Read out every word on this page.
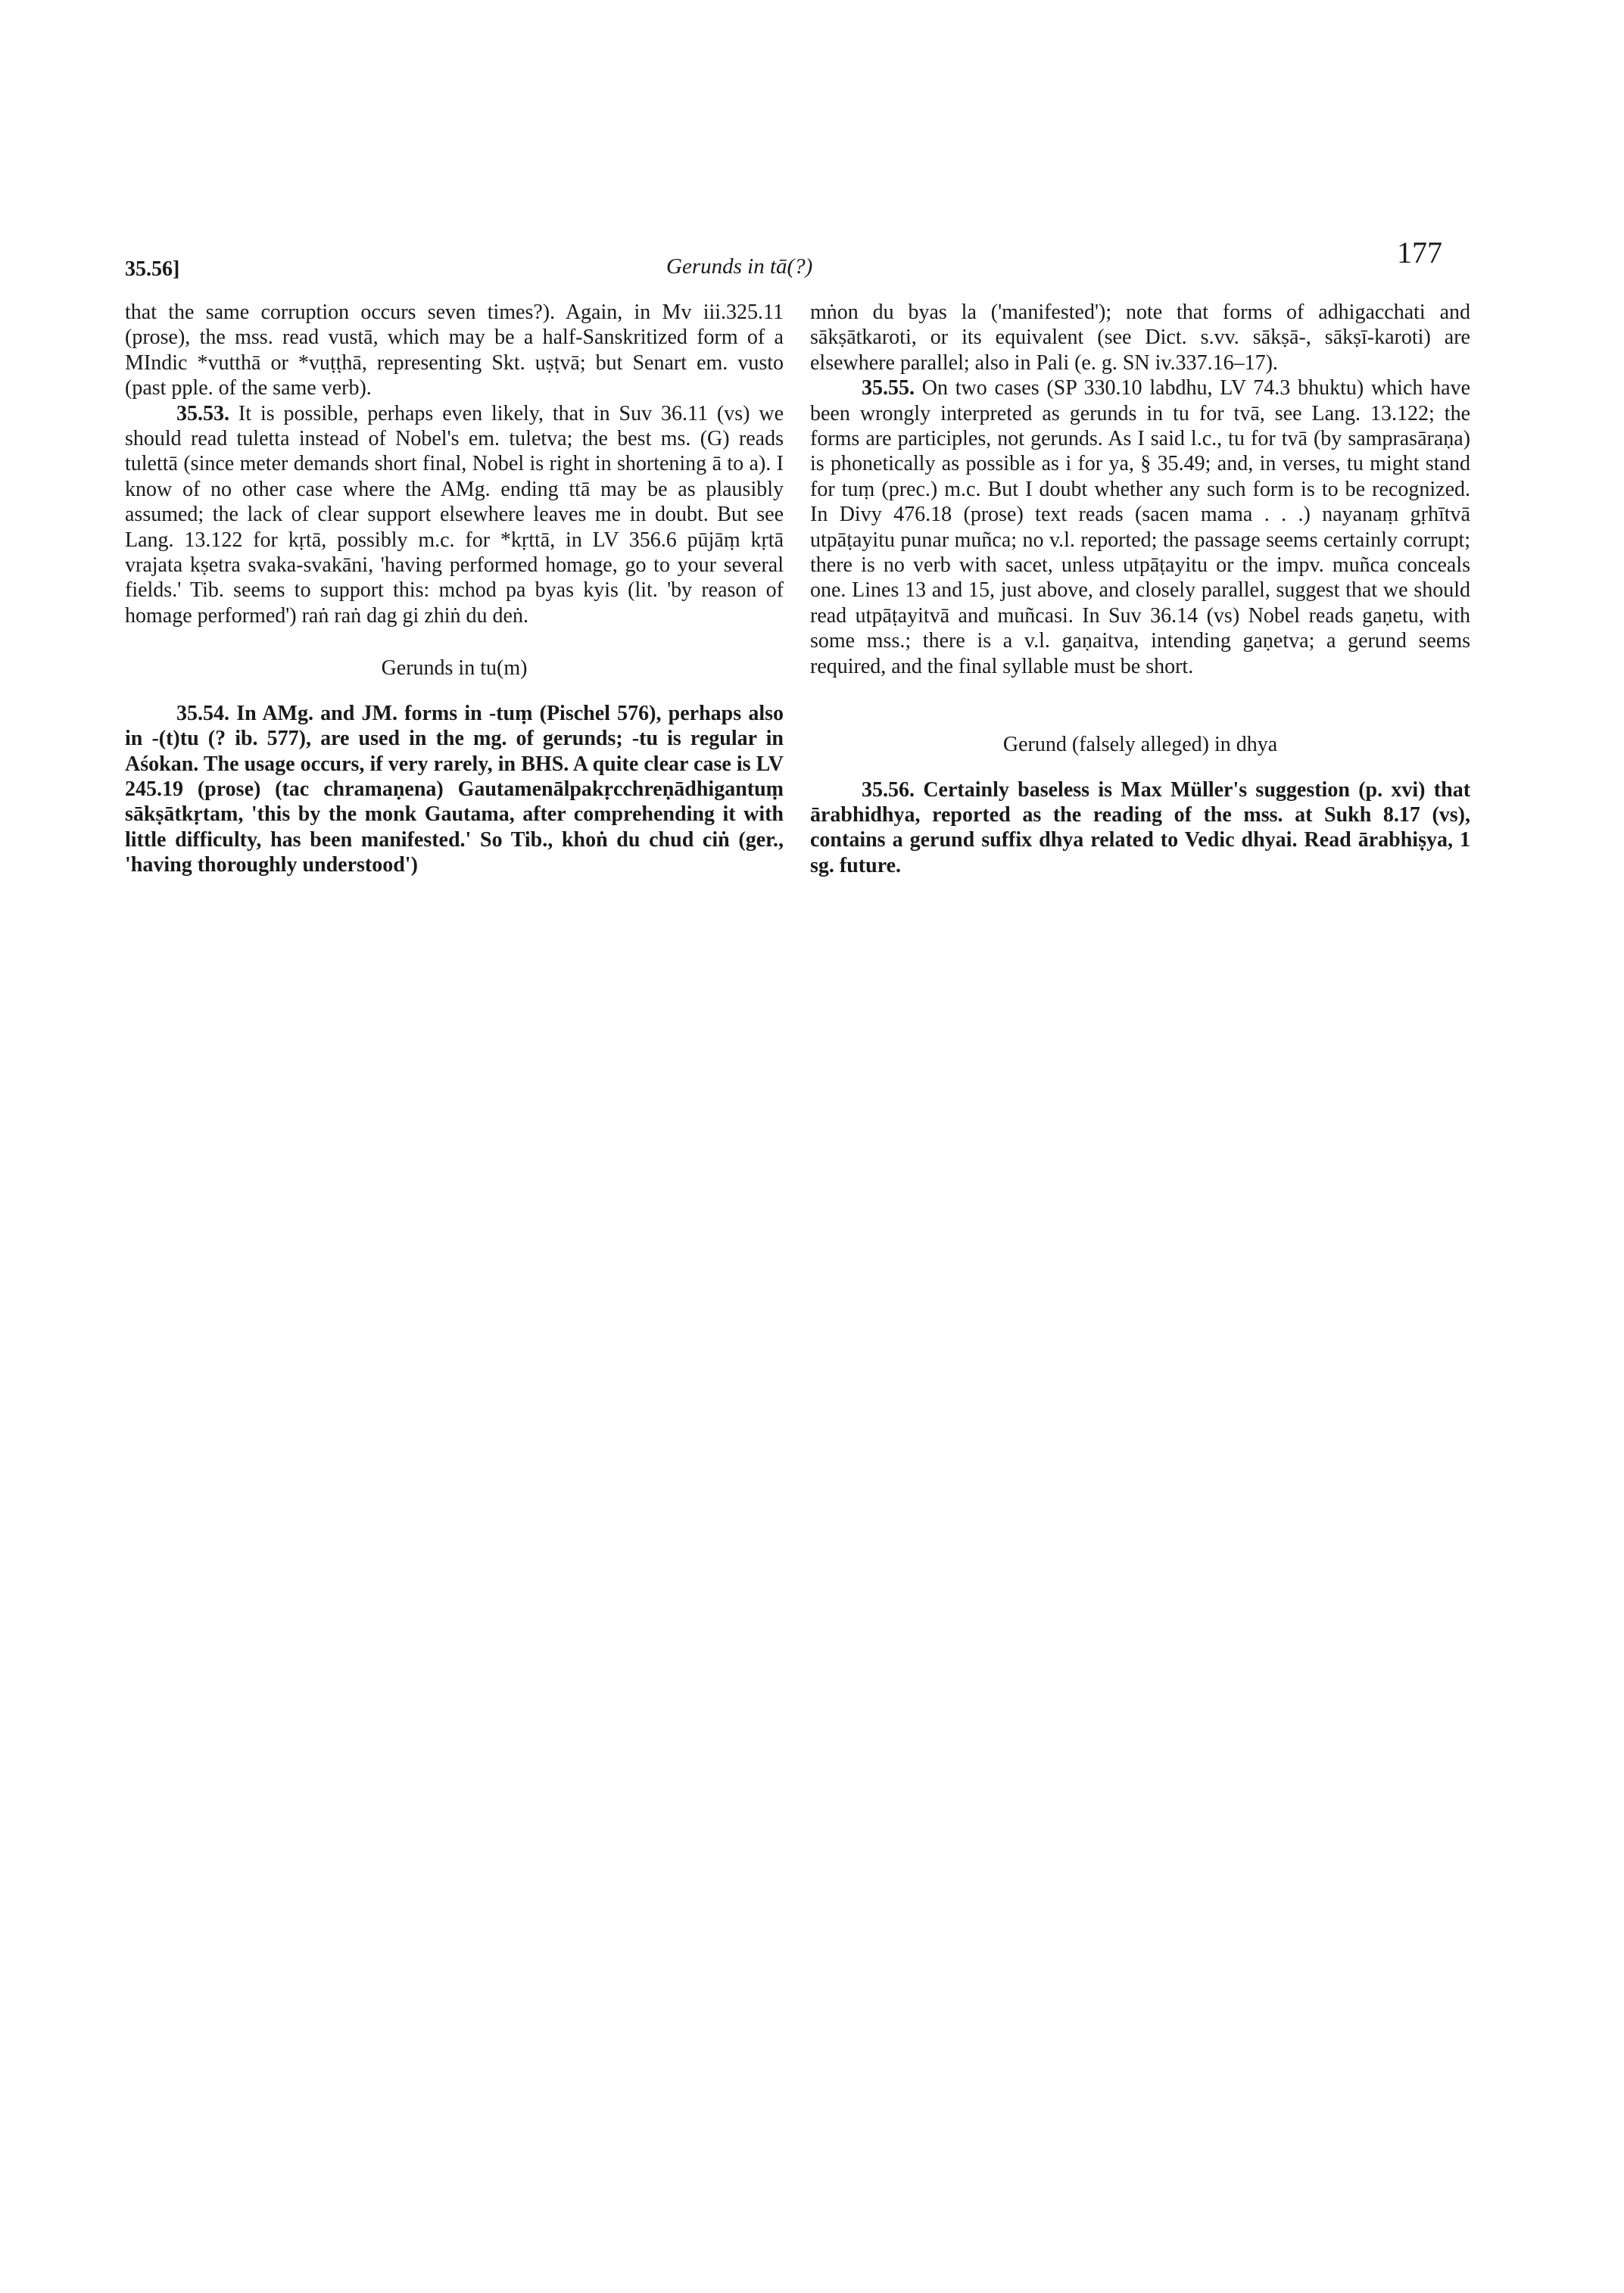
35.56]	Gerunds in tā(?)	177

that the same corruption occurs seven times?). Again, in Mv iii.325.11 (prose), the mss. read vustā, which may be a half-Sanskritized form of a MIndic *vutthā or *vuṭṭhā, representing Skt. uṣṭvā; but Senart em. vusto (past pple. of the same verb).

35.53. It is possible, perhaps even likely, that in Suv 36.11 (vs) we should read tuletta instead of Nobel's em. tuletva; the best ms. (G) reads tulettā (since meter demands short final, Nobel is right in shortening ā to a). I know of no other case where the AMg. ending ttā may be as plausibly assumed; the lack of clear support elsewhere leaves me in doubt. But see Lang. 13.122 for kṛtā, possibly m.c. for *kṛttā, in LV 356.6 pūjāṃ kṛtā vrajata kṣetra svaka-svakāni, 'having performed homage, go to your several fields.' Tib. seems to support this: mchod pa byas kyis (lit. 'by reason of homage performed') raṅ raṅ dag gi zhiṅ du deṅ.

Gerunds in tu(m)

35.54. In AMg. and JM. forms in -tuṃ (Pischel 576), perhaps also in -(t)tu (? ib. 577), are used in the mg. of gerunds; -tu is regular in Aśokan. The usage occurs, if very rarely, in BHS. A quite clear case is LV 245.19 (prose) (tac chramaṇena) Gautamenālpakṛcchreṇādhigantuṃ sākṣātkṛtam, 'this by the monk Gautama, after comprehending it with little difficulty, has been manifested.' So Tib., khoṅ du chud ciṅ (ger., 'having thoroughly understood')

mṅon du byas la ('manifested'); note that forms of adhigacchati and sākṣātkaroti, or its equivalent (see Dict. s.vv. sākṣā-, sākṣī-karoti) are elsewhere parallel; also in Pali (e. g. SN iv.337.16–17).

35.55. On two cases (SP 330.10 labdhu, LV 74.3 bhuktu) which have been wrongly interpreted as gerunds in tu for tvā, see Lang. 13.122; the forms are participles, not gerunds. As I said l.c., tu for tvā (by samprasāraṇa) is phonetically as possible as i for ya, § 35.49; and, in verses, tu might stand for tuṃ (prec.) m.c. But I doubt whether any such form is to be recognized. In Divy 476.18 (prose) text reads (sacen mama . . .) nayanaṃ gṛhītvā utpāṭayitu punar muñca; no v.l. reported; the passage seems certainly corrupt; there is no verb with sacet, unless utpāṭayitu or the impv. muñca conceals one. Lines 13 and 15, just above, and closely parallel, suggest that we should read utpāṭayitvā and muñcasi. In Suv 36.14 (vs) Nobel reads gaṇetu, with some mss.; there is a v.l. gaṇaitva, intending gaṇetva; a gerund seems required, and the final syllable must be short.

Gerund (falsely alleged) in dhya

35.56. Certainly baseless is Max Müller's suggestion (p. xvi) that ārabhidhya, reported as the reading of the mss. at Sukh 8.17 (vs), contains a gerund suffix dhya related to Vedic dhyai. Read ārabhiṣya, 1 sg. future.
